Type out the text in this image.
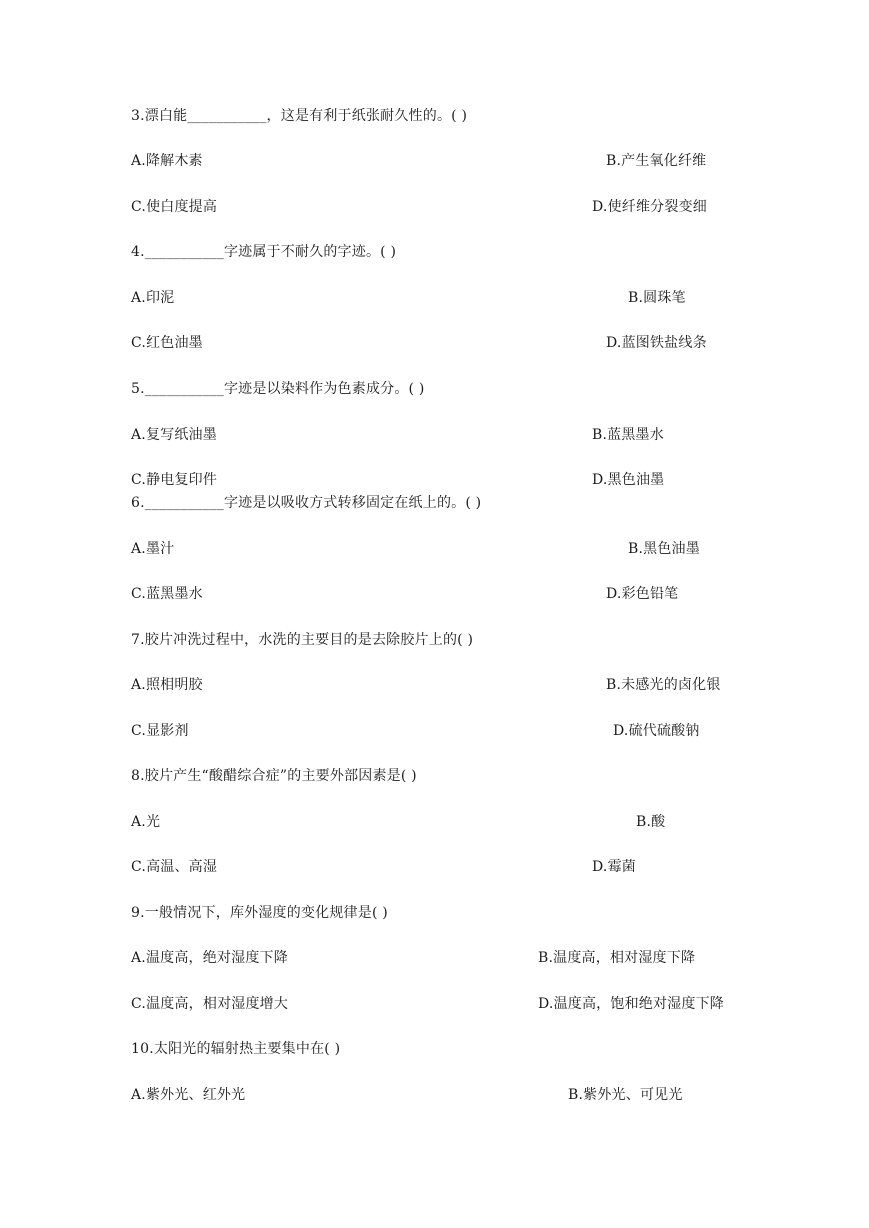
3.漂白能___________，这是有利于纸张耐久性的。( )
A.降解木素	B.产生氧化纤维
C.使白度提高	D.使纤维分裂变细
4.___________字迹属于不耐久的字迹。( )
A.印泥	B.圆珠笔
C.红色油墨	D.蓝图铁盐线条
5.___________字迹是以染料作为色素成分。( )
A.复写纸油墨	B.蓝黑墨水
C.静电复印件	D.黑色油墨
6.___________字迹是以吸收方式转移固定在纸上的。( )
A.墨汁	B.黑色油墨
C.蓝黑墨水	D.彩色铅笔
7.胶片冲洗过程中，水洗的主要目的是去除胶片上的( )
A.照相明胶	B.未感光的卤化银
C.显影剂	D.硫代硫酸钠
8.胶片产生“酸醋综合症”的主要外部因素是( )
A.光	B.酸
C.高温、高湿	D.霉菌
9.一般情况下，库外湿度的变化规律是( )
A.温度高，绝对湿度下降	B.温度高，相对湿度下降
C.温度高，相对湿度增大	D.温度高，饱和绝对湿度下降
10.太阳光的辐射热主要集中在( )
A.紫外光、红外光	B.紫外光、可见光
